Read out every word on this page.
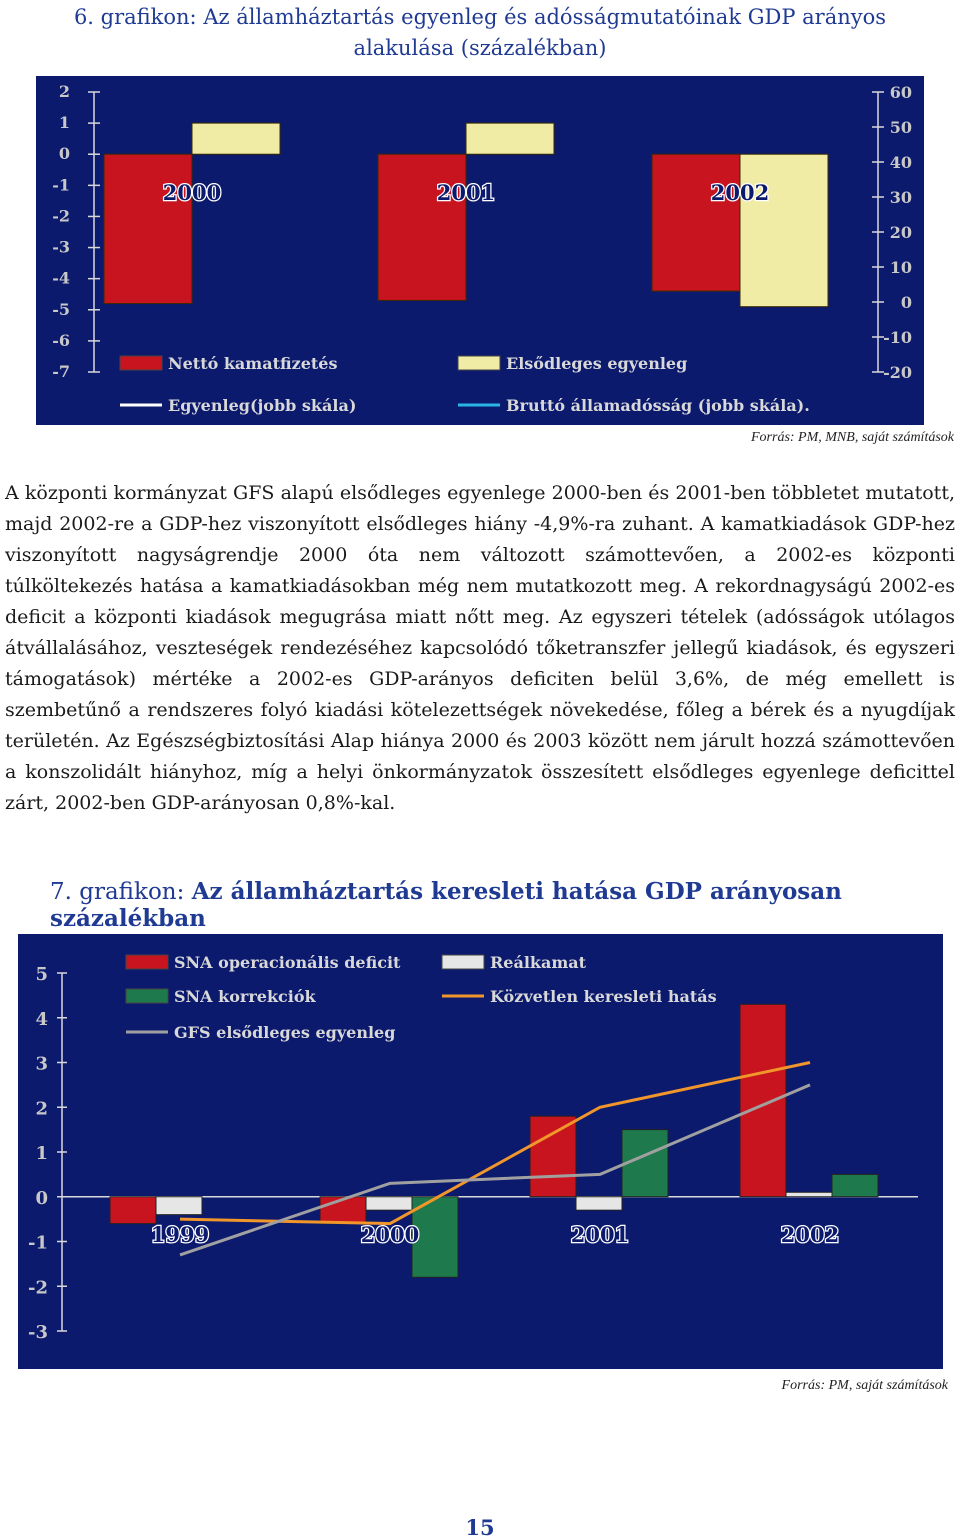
6. grafikon: Az államháztartás egyenleg és adósságmutatóinak GDP arányos
alakulása (százalékban)
2
1
0
-1
-2
-3
-4
-5
-6
-7
60
50
40
30
20
10
0
-10
-20
2000	2001	2002
Nettó kamatfizetés	Elsődleges egyenleg
Egyenleg(jobb skála)	Bruttó államadósság (jobb skála).
Forrás: PM, MNB, saját számítások
A központi kormányzat GFS alapú elsődleges egyenlege 2000-ben és 2001-ben többletet mutatott, majd 2002-re a GDP-hez viszonyított elsődleges hiány -4,9%-ra zuhant. A kamatkiadások GDP-hez viszonyított nagyságrendje 2000 óta nem változott számottevően, a 2002-es központi túlköltekezés hatása a kamatkiadásokban még nem mutatkozott meg. A rekordnagyságú 2002-es deficit a központi kiadások megugrása miatt nőtt meg. Az egyszeri tételek (adósságok utólagos átvállalásához, veszteségek rendezéséhez kapcsolódó tőketranszfer jellegű kiadások, és egyszeri támogatások) mértéke a 2002-es GDP-arányos deficiten belül 3,6%, de még emellett is szembetűnő a rendszeres folyó kiadási kötelezettségek növekedése, főleg a bérek és a nyugdíjak területén. Az Egészségbiztosítási Alap hiánya 2000 és 2003 között nem járult hozzá számottevően a konszolidált hiányhoz, míg a helyi önkormányzatok összesített elsődleges egyenlege deficittel zárt, 2002-ben GDP-arányosan 0,8%-kal.
7. grafikon: Az államháztartás keresleti hatása GDP arányosan százalékban
5
4
3
2
1
0
-1
-2
-3
1999	2000	2001	2002
SNA operacionális deficit	Reálkamat
SNA korrekciók	Közvetlen keresleti hatás
GFS elsődleges egyenleg
Forrás: PM, saját számítások
15
